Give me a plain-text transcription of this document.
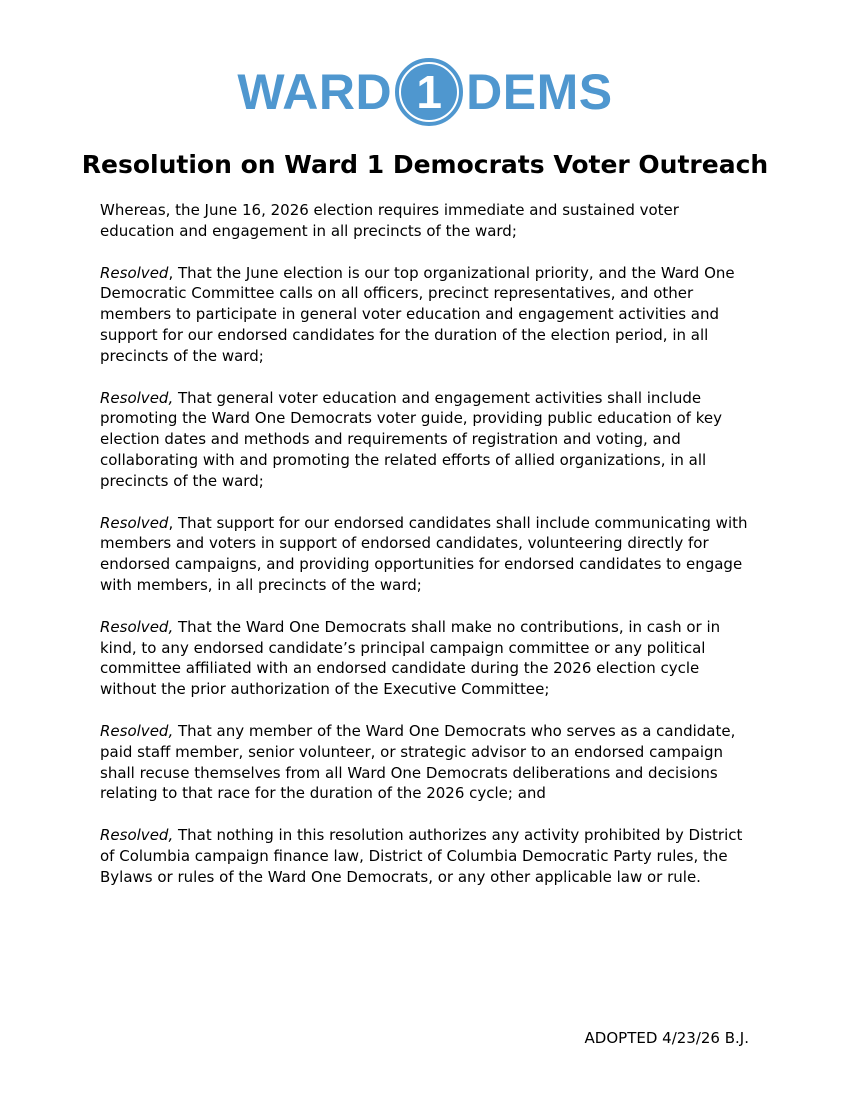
WARD 1 DEMS
Resolution on Ward 1 Democrats Voter Outreach

Whereas, the June 16, 2026 election requires immediate and sustained voter education and engagement in all precincts of the ward;

Resolved, That the June election is our top organizational priority, and the Ward One Democratic Committee calls on all officers, precinct representatives, and other members to participate in general voter education and engagement activities and support for our endorsed candidates for the duration of the election period, in all precincts of the ward;

Resolved, That general voter education and engagement activities shall include promoting the Ward One Democrats voter guide, providing public education of key election dates and methods and requirements of registration and voting, and collaborating with and promoting the related efforts of allied organizations, in all precincts of the ward;

Resolved, That support for our endorsed candidates shall include communicating with members and voters in support of endorsed candidates, volunteering directly for endorsed campaigns, and providing opportunities for endorsed candidates to engage with members, in all precincts of the ward;

Resolved, That the Ward One Democrats shall make no contributions, in cash or in kind, to any endorsed candidate’s principal campaign committee or any political committee affiliated with an endorsed candidate during the 2026 election cycle without the prior authorization of the Executive Committee;

Resolved, That any member of the Ward One Democrats who serves as a candidate, paid staff member, senior volunteer, or strategic advisor to an endorsed campaign shall recuse themselves from all Ward One Democrats deliberations and decisions relating to that race for the duration of the 2026 cycle; and

Resolved, That nothing in this resolution authorizes any activity prohibited by District of Columbia campaign finance law, District of Columbia Democratic Party rules, the Bylaws or rules of the Ward One Democrats, or any other applicable law or rule.

ADOPTED 4/23/26 B.J.
